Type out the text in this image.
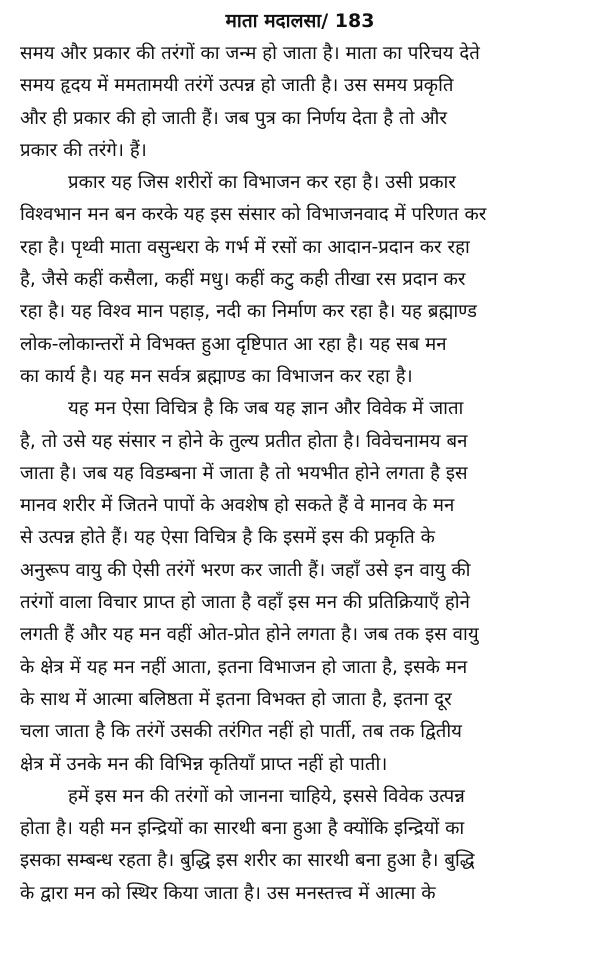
माता मदालसा/ 183

समय और प्रकार की तरंगों का जन्म हो जाता है। माता का परिचय देते
समय हृदय में ममतामयी तरंगें उत्पन्न हो जाती है। उस समय प्रकृति
और ही प्रकार की हो जाती हैं। जब पुत्र का निर्णय देता है तो और
प्रकार की तरंगे। हैं।

प्रकार यह जिस शरीरों का विभाजन कर रहा है। उसी प्रकार
विश्वभान मन बन करके यह इस संसार को विभाजनवाद में परिणत कर
रहा है। पृथ्वी माता वसुन्धरा के गर्भ में रसों का आदान-प्रदान कर रहा
है, जैसे कहीं कसैला, कहीं मधु। कहीं कटु कही तीखा रस प्रदान कर
रहा है। यह विश्व मान पहाड़, नदी का निर्माण कर रहा है। यह ब्रह्माण्ड
लोक-लोकान्तरों मे विभक्त हुआ दृष्टिपात आ रहा है। यह सब मन
का कार्य है। यह मन सर्वत्र ब्रह्माण्ड का विभाजन कर रहा है।

यह मन ऐसा विचित्र है कि जब यह ज्ञान और विवेक में जाता
है, तो उसे यह संसार न होने के तुल्य प्रतीत होता है। विवेचनामय बन
जाता है। जब यह विडम्बना में जाता है तो भयभीत होने लगता है इस
मानव शरीर में जितने पापों के अवशेष हो सकते हैं वे मानव के मन
से उत्पन्न होते हैं। यह ऐसा विचित्र है कि इसमें इस की प्रकृति के
अनुरूप वायु की ऐसी तरंगें भरण कर जाती हैं। जहाँ उसे इन वायु की
तरंगों वाला विचार प्राप्त हो जाता है वहाँ इस मन की प्रतिक्रियाएँ होने
लगती हैं और यह मन वहीं ओत-प्रोत होने लगता है। जब तक इस वायु
के क्षेत्र में यह मन नहीं आता, इतना विभाजन हो जाता है, इसके मन
के साथ में आत्मा बलिष्ठता में इतना विभक्त हो जाता है, इतना दूर
चला जाता है कि तरंगें उसकी तरंगित नहीं हो पार्ती, तब तक द्वितीय
क्षेत्र में उनके मन की विभिन्न कृतियाँ प्राप्त नहीं हो पाती।

हमें इस मन की तरंगों को जानना चाहिये, इससे विवेक उत्पन्न
होता है। यही मन इन्द्रियों का सारथी बना हुआ है क्योंकि इन्द्रियों का
इसका सम्बन्ध रहता है। बुद्धि इस शरीर का सारथी बना हुआ है। बुद्धि
के द्वारा मन को स्थिर किया जाता है। उस मनस्तत्त्व में आत्मा के
